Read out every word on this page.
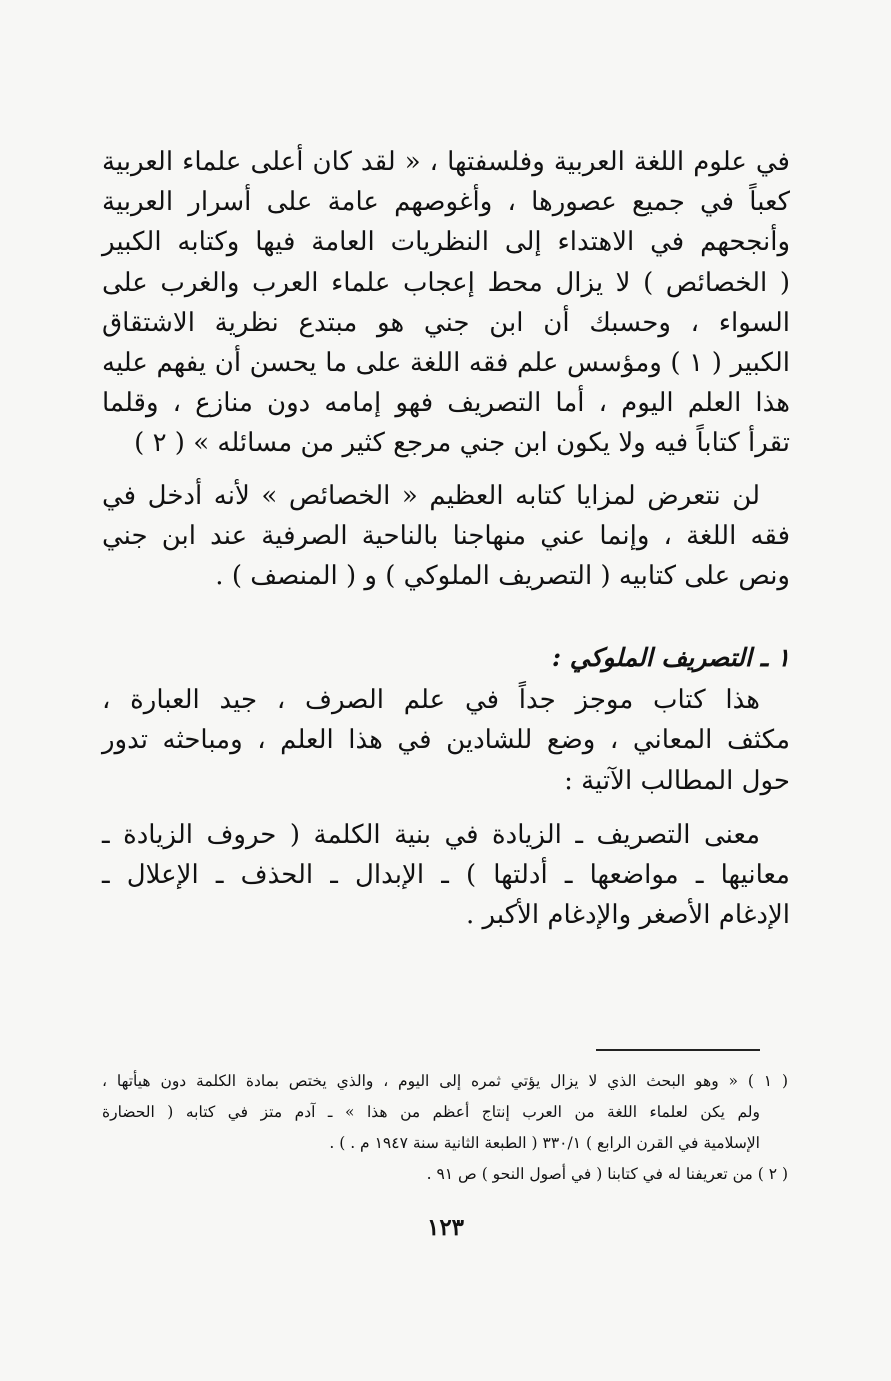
في علوم اللغة العربية وفلسفتها ، « لقد كان أعلى علماء العربية
كعباً في جميع عصورها ، وأغوصهم عامة على أسرار العربية
وأنجحهم في الاهتداء إلى النظريات العامة فيها وكتابه الكبير
( الخصائص ) لا يزال محط إعجاب علماء العرب والغرب على
السواء ، وحسبك أن ابن جني هو مبتدع نظرية الاشتقاق
الكبير ( ١ ) ومؤسس علم فقه اللغة على ما يحسن أن يفهم عليه
هذا العلم اليوم ، أما التصريف فهو إمامه دون منازع ، وقلما
تقرأ كتاباً فيه ولا يكون ابن جني مرجع كثير من مسائله » ( ٢ )

لن نتعرض لمزايا كتابه العظيم « الخصائص » لأنه أدخل في
فقه اللغة ، وإنما عني منهاجنا بالناحية الصرفية عند ابن جني
ونص على كتابيه ( التصريف الملوكي ) و ( المنصف ) .

١ ـ التصريف الملوكي :

هذا كتاب موجز جداً في علم الصرف ، جيد العبارة ،
مكثف المعاني ، وضع للشادين في هذا العلم ، ومباحثه تدور
حول المطالب الآتية :

معنى التصريف ـ الزيادة في بنية الكلمة ( حروف الزيادة ـ
معانيها ـ مواضعها ـ أدلتها ) ـ الإبدال ـ الحذف ـ الإعلال ـ
الإدغام الأصغر والإدغام الأكبر .

( ١ ) « وهو البحث الذي لا يزال يؤتي ثمره إلى اليوم ، والذي يختص بمادة الكلمة دون هيأتها ،
ولم يكن لعلماء اللغة من العرب إنتاج أعظم من هذا » ـ آدم متز في كتابه ( الحضارة
الإسلامية في القرن الرابع ) ٣٣٠/١ ( الطبعة الثانية سنة ١٩٤٧ م . ) .
( ٢ ) من تعريفنا له في كتابنا ( في أصول النحو ) ص ٩١ .
١٢٣
